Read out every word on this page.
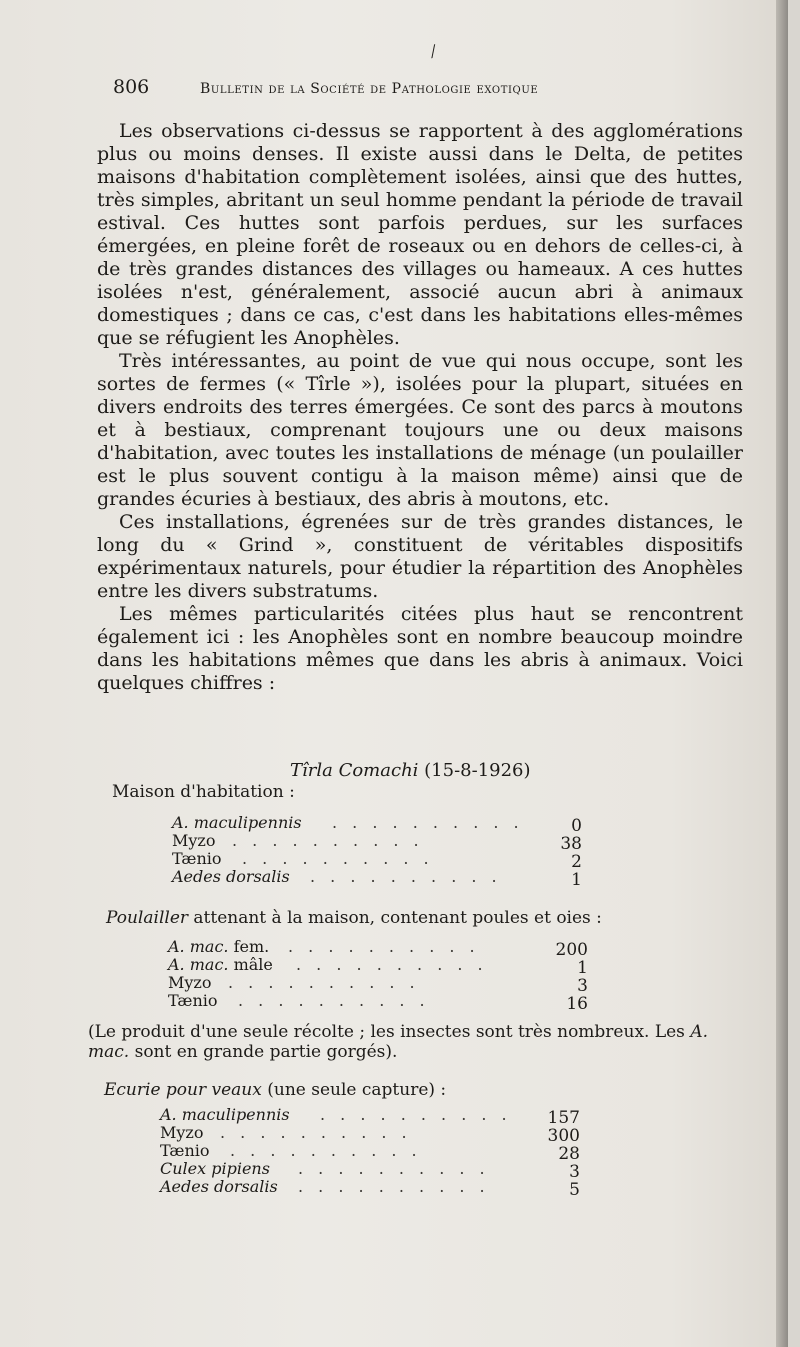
⁄
806	Bulletin de la Société de Pathologie exotique

Les observations ci-dessus se rapportent à des agglomérations plus ou moins denses. Il existe aussi dans le Delta, de petites maisons d'habitation complètement isolées, ainsi que des huttes, très simples, abritant un seul homme pendant la période de travail estival. Ces huttes sont parfois perdues, sur les surfaces émergées, en pleine forêt de roseaux ou en dehors de celles-ci, à de très grandes distances des villages ou hameaux. A ces huttes isolées n'est, généralement, associé aucun abri à animaux domestiques ; dans ce cas, c'est dans les habitations elles-mêmes que se réfugient les Anophèles.

Très intéressantes, au point de vue qui nous occupe, sont les sortes de fermes (« Tîrle »), isolées pour la plupart, situées en divers endroits des terres émergées. Ce sont des parcs à moutons et à bestiaux, comprenant toujours une ou deux maisons d'habitation, avec toutes les installations de ménage (un poulailler est le plus souvent contigu à la maison même) ainsi que de grandes écuries à bestiaux, des abris à moutons, etc.

Ces installations, égrenées sur de très grandes distances, le long du « Grind », constituent de véritables dispositifs expérimentaux naturels, pour étudier la répartition des Anophèles entre les divers substratums.

Les mêmes particularités citées plus haut se rencontrent également ici : les Anophèles sont en nombre beaucoup moindre dans les habitations mêmes que dans les abris à animaux. Voici quelques chiffres :

Tîrla Comachi (15-8-1926)
Maison d'habitation :
A. maculipennis . . . . . . . . . .	0
Myzo . . . . . . . . . .	38
Tænio . . . . . . . . . .	2
Aedes dorsalis . . . . . . . . . .	1
Poulailler attenant à la maison, contenant poules et oies :
A. mac. fem. . . . . . . . . . .	200
A. mac. mâle . . . . . . . . . .	1
Myzo . . . . . . . . . .	3
Tænio . . . . . . . . . .	16
(Le produit d'une seule récolte ; les insectes sont très nombreux. Les A. mac. sont en grande partie gorgés).
Ecurie pour veaux (une seule capture) :
A. maculipennis . . . . . . . . . .	157
Myzo . . . . . . . . . .	300
Tænio . . . . . . . . . .	28
Culex pipiens . . . . . . . . . .	3
Aedes dorsalis . . . . . . . . . .	5
